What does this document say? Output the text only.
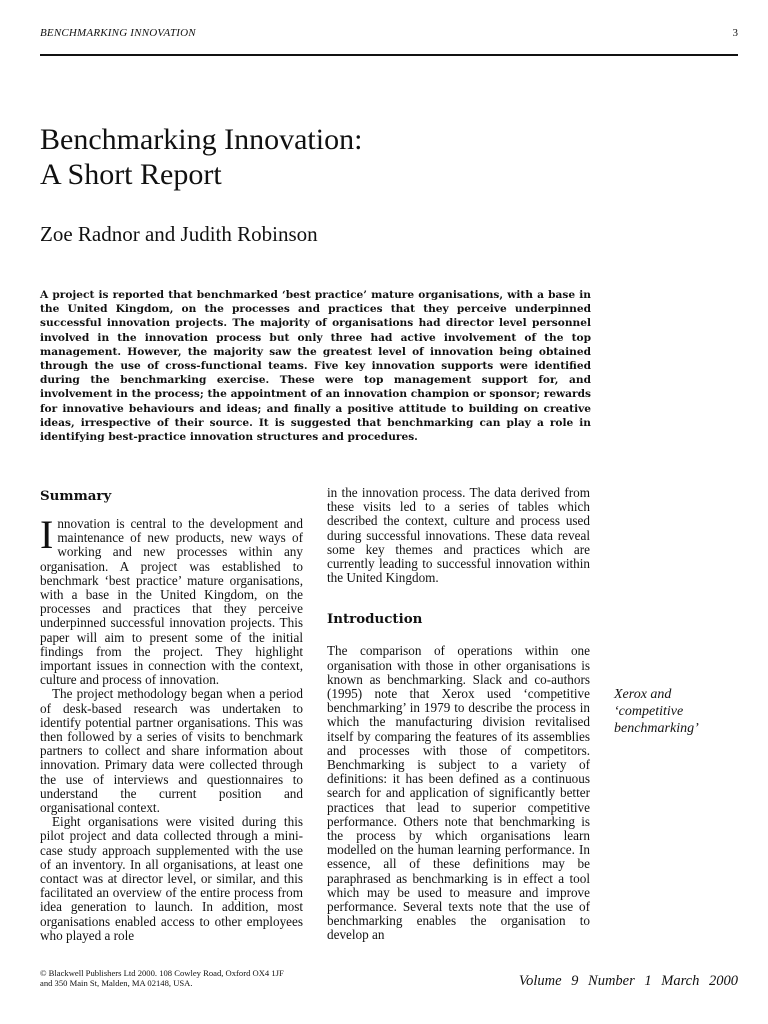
BENCHMARKING INNOVATION	3
Benchmarking Innovation:
A Short Report
Zoe Radnor and Judith Robinson

A project is reported that benchmarked ‘best practice’ mature organisations, with a base in the United Kingdom, on the processes and practices that they perceive underpinned successful innovation projects. The majority of organisations had director level personnel involved in the innovation process but only three had active involvement of the top management. However, the majority saw the greatest level of innovation being obtained through the use of cross-functional teams. Five key innovation supports were identified during the benchmarking exercise. These were top management support for, and involvement in the process; the appointment of an innovation champion or sponsor; rewards for innovative behaviours and ideas; and finally a positive attitude to building on creative ideas, irrespective of their source. It is suggested that benchmarking can play a role in identifying best-practice innovation structures and procedures.

Summary

Innovation is central to the development and maintenance of new products, new ways of working and new processes within any organisation. A project was established to benchmark ‘best practice’ mature organisations, with a base in the United Kingdom, on the processes and practices that they perceive underpinned successful innovation projects. This paper will aim to present some of the initial findings from the project. They highlight important issues in connection with the context, culture and process of innovation.

The project methodology began when a period of desk-based research was undertaken to identify potential partner organisations. This was then followed by a series of visits to benchmark partners to collect and share information about innovation. Primary data were collected through the use of interviews and questionnaires to understand the current position and organisational context.

Eight organisations were visited during this pilot project and data collected through a mini-case study approach supplemented with the use of an inventory. In all organisations, at least one contact was at director level, or similar, and this facilitated an overview of the entire process from idea generation to launch. In addition, most organisations enabled access to other employees who played a role

in the innovation process. The data derived from these visits led to a series of tables which described the context, culture and process used during successful innovations. These data reveal some key themes and practices which are currently leading to successful innovation within the United Kingdom.

Introduction

The comparison of operations within one organisation with those in other organisations is known as benchmarking. Slack and co-authors (1995) note that Xerox used ‘competitive benchmarking’ in 1979 to describe the process in which the manufacturing division revitalised itself by comparing the features of its assemblies and processes with those of competitors. Benchmarking is subject to a variety of definitions: it has been defined as a continuous search for and application of significantly better practices that lead to superior competitive performance. Others note that benchmarking is the process by which organisations learn modelled on the human learning performance. In essence, all of these definitions may be paraphrased as benchmarking is in effect a tool which may be used to measure and improve performance. Several texts note that the use of benchmarking enables the organisation to develop an

Xerox and ‘competitive benchmarking’
© Blackwell Publishers Ltd 2000. 108 Cowley Road, Oxford OX4 1JF
and 350 Main St, Malden, MA 02148, USA.	Volume 9 Number 1 March 2000
